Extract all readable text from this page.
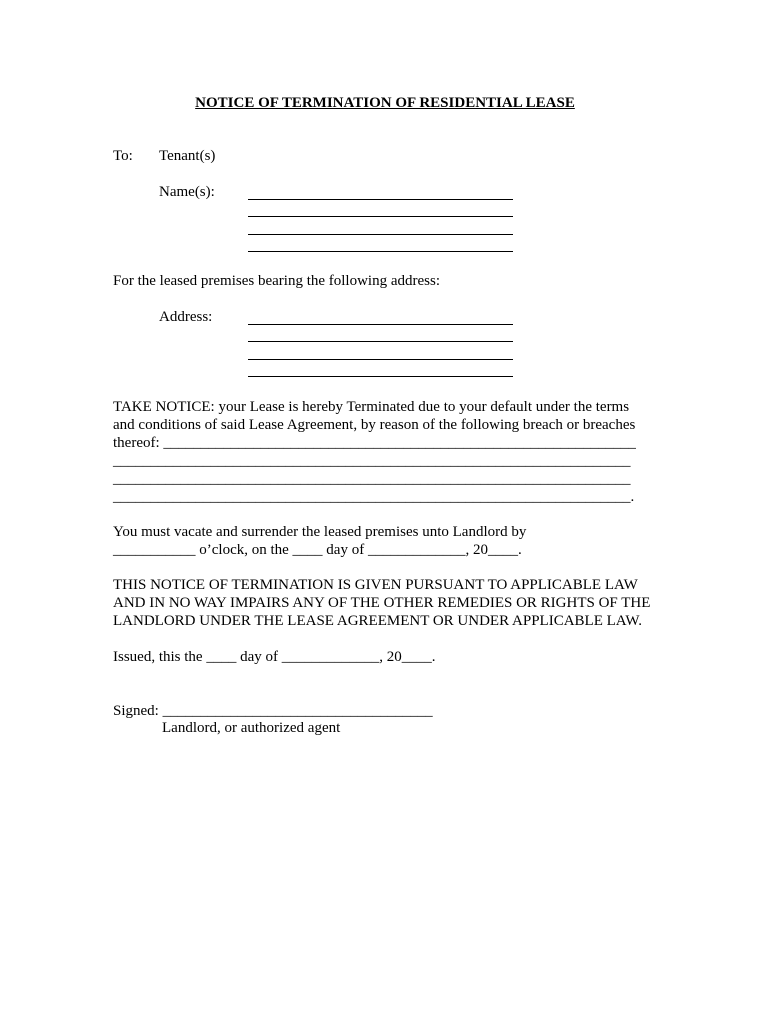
NOTICE OF TERMINATION OF RESIDENTIAL LEASE
To: Tenant(s)
Name(s):
For the leased premises bearing the following address:
Address:
TAKE NOTICE: your Lease is hereby Terminated due to your default under the terms
and conditions of said Lease Agreement, by reason of the following breach or breaches
thereof: _______________________________________________________________
_____________________________________________________________________
_____________________________________________________________________
_____________________________________________________________________.
You must vacate and surrender the leased premises unto Landlord by
___________ o’clock, on the ____ day of _____________, 20____.
THIS NOTICE OF TERMINATION IS GIVEN PURSUANT TO APPLICABLE LAW
AND IN NO WAY IMPAIRS ANY OF THE OTHER REMEDIES OR RIGHTS OF THE
LANDLORD UNDER THE LEASE AGREEMENT OR UNDER APPLICABLE LAW.
Issued, this the ____ day of _____________, 20____.
Signed: ____________________________________
Landlord, or authorized agent
